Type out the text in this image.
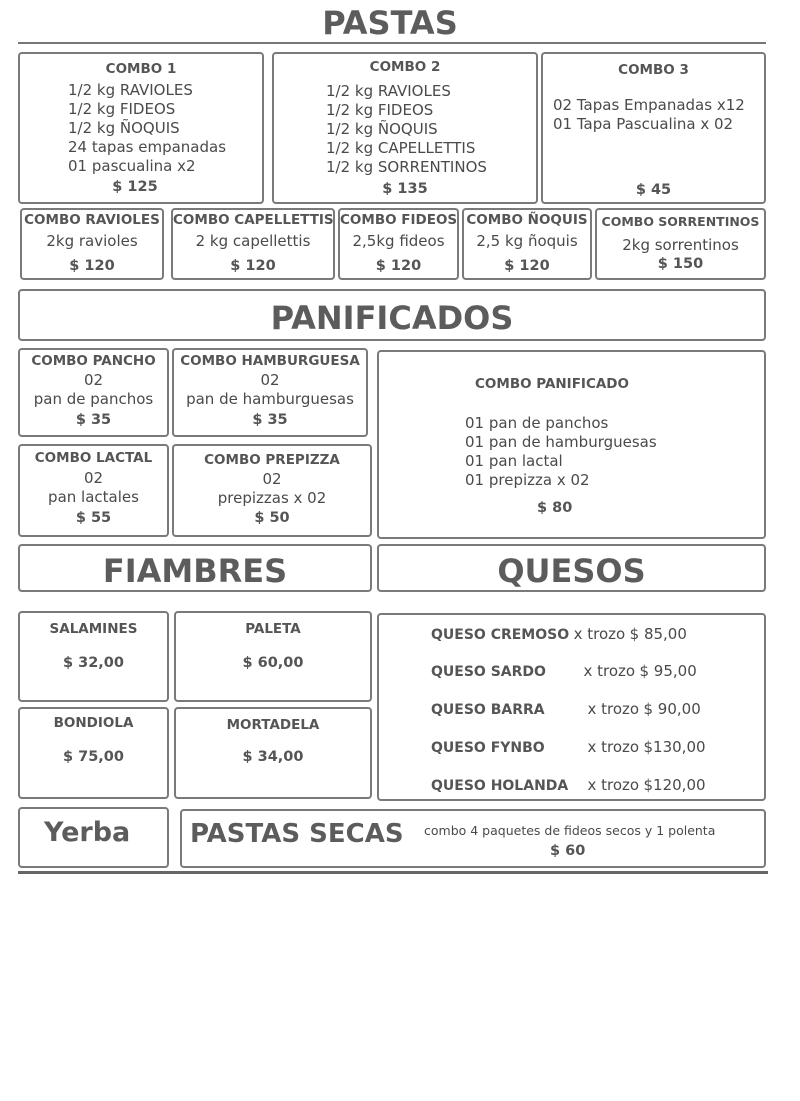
PASTAS
COMBO 1
1/2 kg RAVIOLES
1/2 kg FIDEOS
1/2 kg ÑOQUIS
24 tapas empanadas
01 pascualina x2
$ 125
COMBO 2
1/2 kg RAVIOLES
1/2 kg FIDEOS
1/2 kg ÑOQUIS
1/2 kg CAPELLETTIS
1/2 kg SORRENTINOS
$ 135
COMBO 3
02 Tapas Empanadas x12
01 Tapa Pascualina x 02
$ 45
COMBO RAVIOLES
2kg ravioles
$ 120
COMBO CAPELLETTIS
2 kg capellettis
$ 120
COMBO FIDEOS
2,5kg fideos
$ 120
COMBO ÑOQUIS
2,5 kg ñoquis
$ 120
COMBO SORRENTINOS
2kg sorrentinos
$ 150
PANIFICADOS
COMBO PANCHO
02
pan de panchos
$ 35
COMBO HAMBURGUESA
02
pan de hamburguesas
$ 35
COMBO LACTAL
02
pan lactales
$ 55
COMBO PREPIZZA
02
prepizzas x 02
$ 50
COMBO PANIFICADO
01 pan de panchos
01 pan de hamburguesas
01 pan lactal
01 prepizza x 02
$ 80
FIAMBRES	QUESOS
SALAMINES
$ 32,00
PALETA
$ 60,00
BONDIOLA
$ 75,00
MORTADELA
$ 34,00
QUESO CREMOSO x trozo $ 85,00
QUESO SARDO	x trozo $ 95,00
QUESO BARRA	x trozo $ 90,00
QUESO FYNBO	x trozo $130,00
QUESO HOLANDA x trozo $120,00
Yerba PASTAS SECAS combo 4 paquetes de fideos secos y 1 polenta
$ 60
